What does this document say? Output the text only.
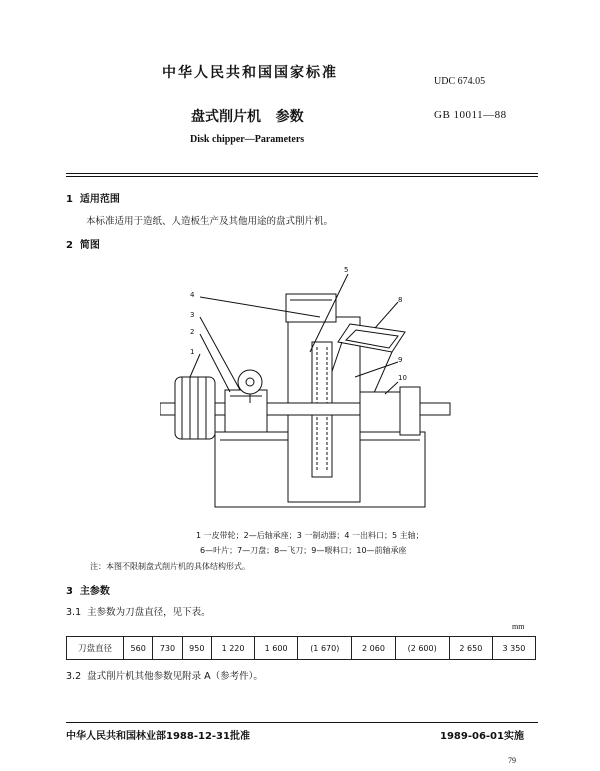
中华人民共和国国家标准
UDC 674.05
盘式削片机   参数	GB 10011—88
Disk chipper—Parameters
1  适用范围
本标准适用于造纸、人造板生产及其他用途的盘式削片机。
2  简图
1
2
3
4
5
8
9
10
1 一皮带轮；2—后轴承座；3 一制动器；4 一出料口；5 主轴；
6—叶片；7—刀盘；8—飞刀；9—喂料口；10—前轴承座
注：本图不限制盘式削片机的具体结构形式。
3  主参数
3.1  主参数为刀盘直径，见下表。
mm
刀盘直径	560	730	950	1 220	1 600	(1 670)	2 060	(2 600)	2 650	3 350
3.2  盘式削片机其他参数见附录 A（参考件）。
中华人民共和国林业部1988-12-31批准	1989-06-01实施
79
